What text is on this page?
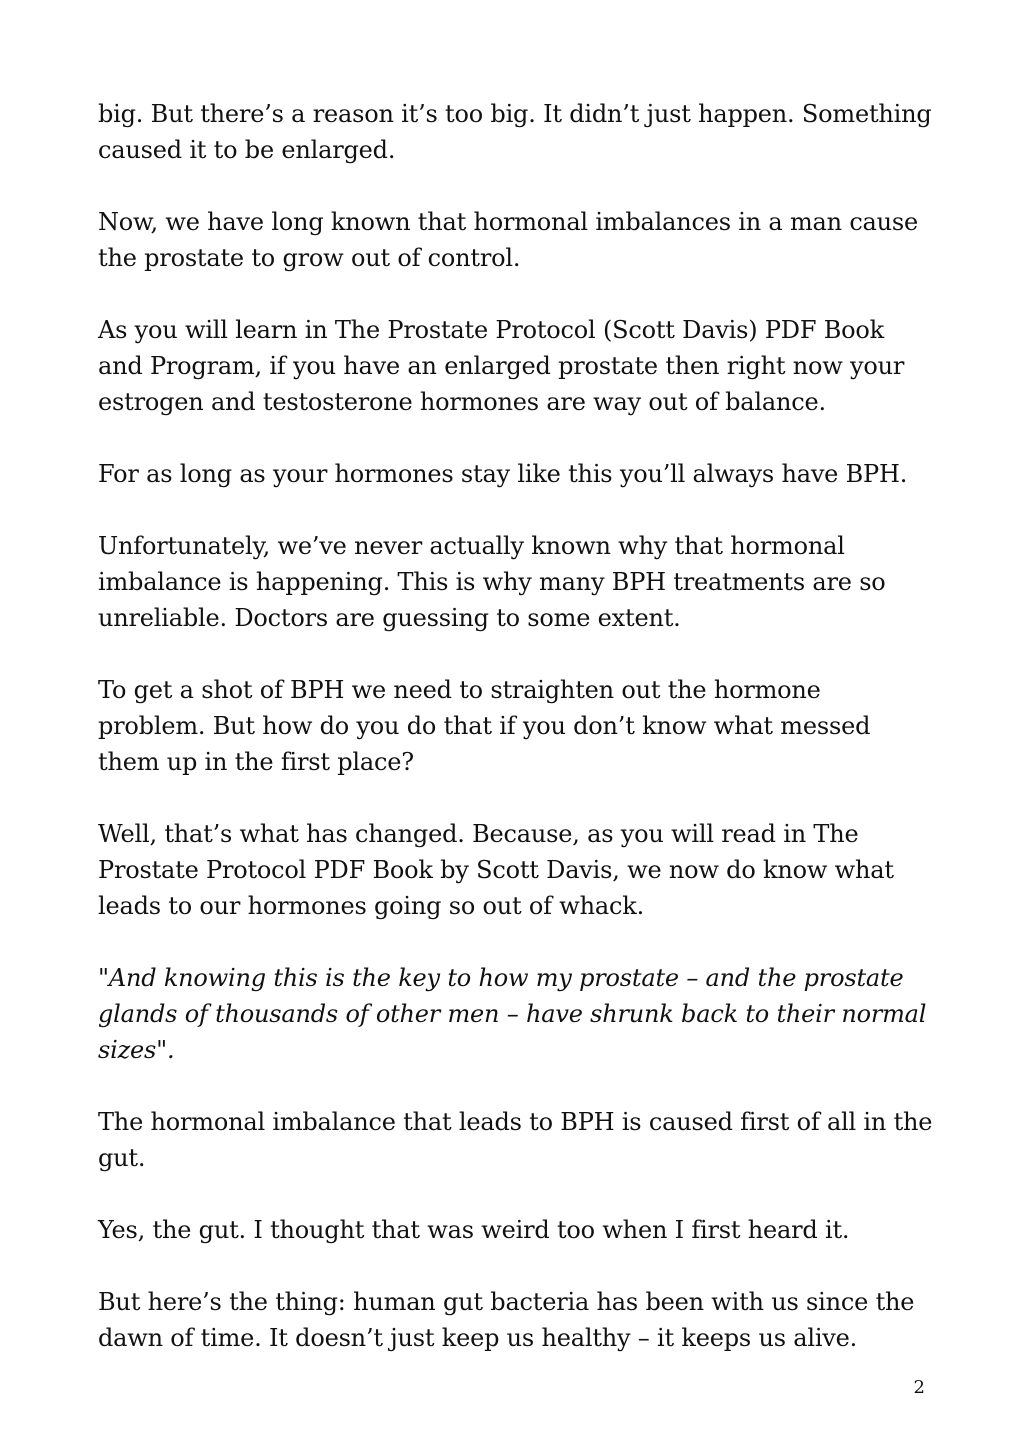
big. But there’s a reason it’s too big. It didn’t just happen. Something caused it to be enlarged.

Now, we have long known that hormonal imbalances in a man cause the prostate to grow out of control.

As you will learn in The Prostate Protocol (Scott Davis) PDF Book and Program, if you have an enlarged prostate then right now your estrogen and testosterone hormones are way out of balance.

For as long as your hormones stay like this you’ll always have BPH.

Unfortunately, we’ve never actually known why that hormonal imbalance is happening. This is why many BPH treatments are so unreliable. Doctors are guessing to some extent.

To get a shot of BPH we need to straighten out the hormone problem. But how do you do that if you don’t know what messed them up in the first place?

Well, that’s what has changed. Because, as you will read in The Prostate Protocol PDF Book by Scott Davis, we now do know what leads to our hormones going so out of whack.

"And knowing this is the key to how my prostate – and the prostate glands of thousands of other men – have shrunk back to their normal sizes".

The hormonal imbalance that leads to BPH is caused first of all in the gut.

Yes, the gut. I thought that was weird too when I first heard it.

But here’s the thing: human gut bacteria has been with us since the dawn of time. It doesn’t just keep us healthy – it keeps us alive.

2
